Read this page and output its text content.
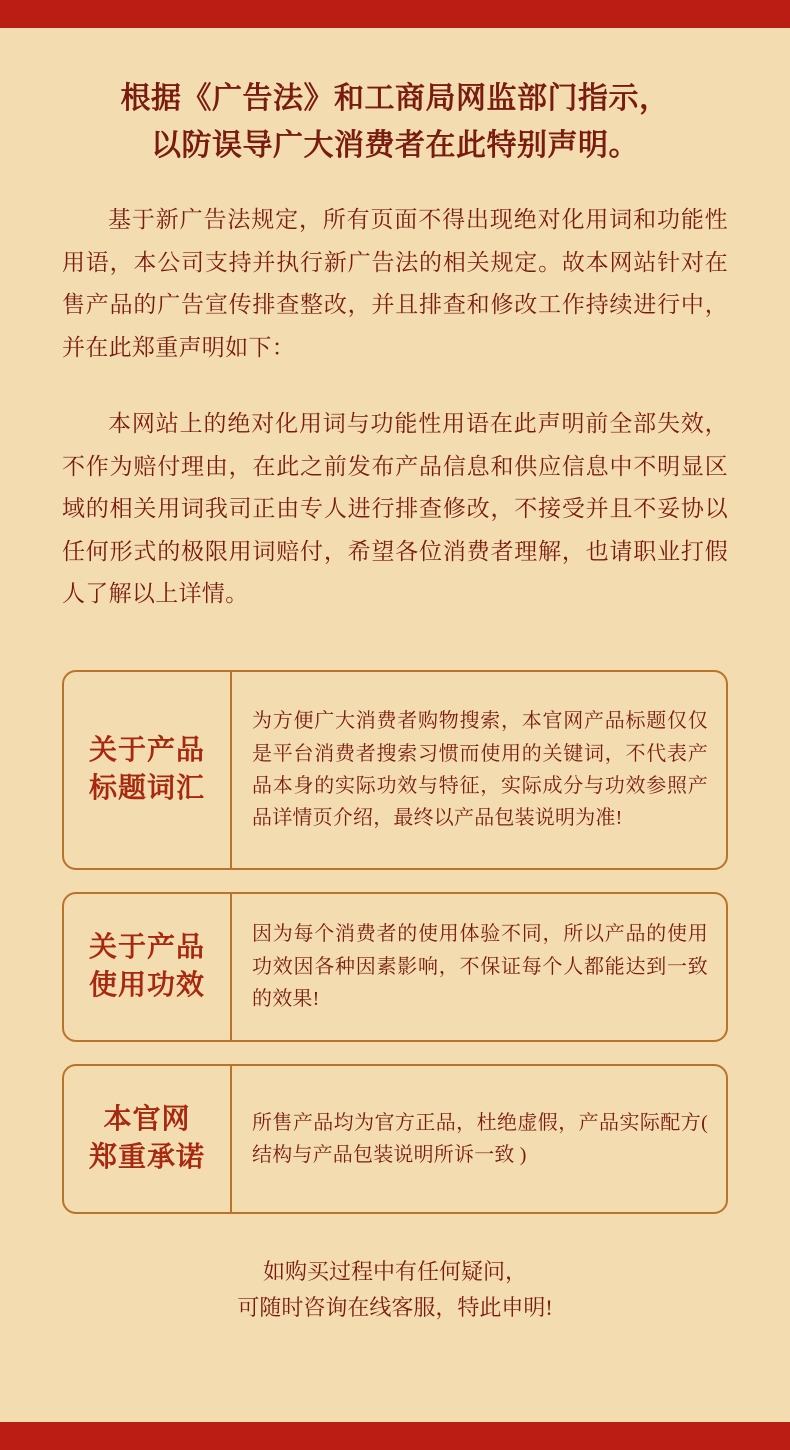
根据《广告法》和工商局网监部门指示，
以防误导广大消费者在此特别声明。

基于新广告法规定，所有页面不得出现绝对化用词和功能性用语，本公司支持并执行新广告法的相关规定。故本网站针对在售产品的广告宣传排查整改，并且排查和修改工作持续进行中，并在此郑重声明如下：

本网站上的绝对化用词与功能性用语在此声明前全部失效，不作为赔付理由，在此之前发布产品信息和供应信息中不明显区域的相关用词我司正由专人进行排查修改，不接受并且不妥协以任何形式的极限用词赔付，希望各位消费者理解，也请职业打假人了解以上详情。

关于产品
标题词汇

为方便广大消费者购物搜索，本官网产品标题仅仅是平台消费者搜索习惯而使用的关键词，不代表产品本身的实际功效与特征，实际成分与功效参照产品详情页介绍，最终以产品包装说明为准!

关于产品
使用功效

因为每个消费者的使用体验不同，所以产品的使用功效因各种因素影响，不保证每个人都能达到一致的效果!

本官网
郑重承诺

所售产品均为官方正品，杜绝虚假，产品实际配方( 结构与产品包装说明所诉一致 )

如购买过程中有任何疑问，
可随时咨询在线客服，特此申明!
